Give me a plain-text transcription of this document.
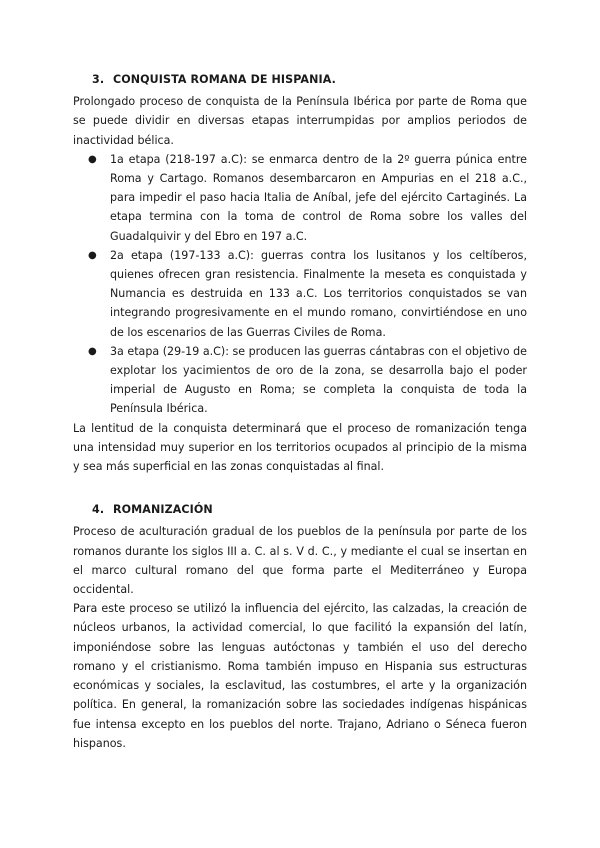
3. CONQUISTA ROMANA DE HISPANIA.

Prolongado proceso de conquista de la Península Ibérica por parte de Roma que se puede dividir en diversas etapas interrumpidas por amplios periodos de inactividad bélica.

● 1a etapa (218-197 a.C): se enmarca dentro de la 2º guerra púnica entre Roma y Cartago. Romanos desembarcaron en Ampurias en el 218 a.C., para impedir el paso hacia Italia de Aníbal, jefe del ejército Cartaginés. La etapa termina con la toma de control de Roma sobre los valles del Guadalquivir y del Ebro en 197 a.C.
● 2a etapa (197-133 a.C): guerras contra los lusitanos y los celtíberos, quienes ofrecen gran resistencia. Finalmente la meseta es conquistada y Numancia es destruida en 133 a.C. Los territorios conquistados se van integrando progresivamente en el mundo romano, convirtiéndose en uno de los escenarios de las Guerras Civiles de Roma.
● 3a etapa (29-19 a.C): se producen las guerras cántabras con el objetivo de explotar los yacimientos de oro de la zona, se desarrolla bajo el poder imperial de Augusto en Roma; se completa la conquista de toda la Península Ibérica.

La lentitud de la conquista determinará que el proceso de romanización tenga una intensidad muy superior en los territorios ocupados al principio de la misma y sea más superficial en las zonas conquistadas al final.

4. ROMANIZACIÓN

Proceso de aculturación gradual de los pueblos de la península por parte de los romanos durante los siglos III a. C. al s. V d. C., y mediante el cual se insertan en el marco cultural romano del que forma parte el Mediterráneo y Europa occidental.

Para este proceso se utilizó la influencia del ejército, las calzadas, la creación de núcleos urbanos, la actividad comercial, lo que facilitó la expansión del latín, imponiéndose sobre las lenguas autóctonas y también el uso del derecho romano y el cristianismo. Roma también impuso en Hispania sus estructuras económicas y sociales, la esclavitud, las costumbres, el arte y la organización política. En general, la romanización sobre las sociedades indígenas hispánicas fue intensa excepto en los pueblos del norte. Trajano, Adriano o Séneca fueron hispanos.
